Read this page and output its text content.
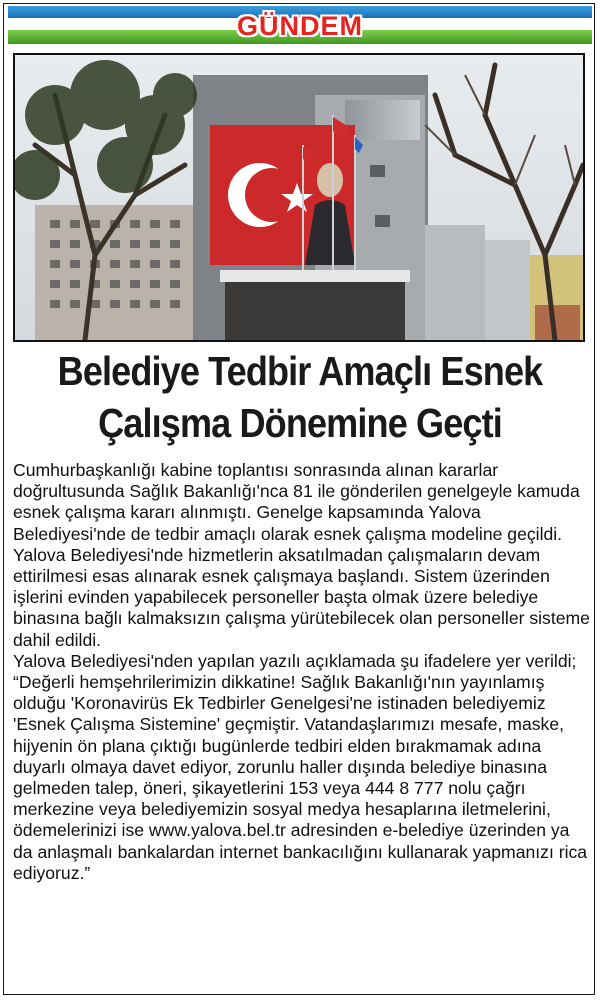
GÜNDEM
Belediye Tedbir Amaçlı Esnek
Çalışma Dönemine Geçti

Cumhurbaşkanlığı kabine toplantısı sonrasında alınan kararlar doğrultusunda Sağlık Bakanlığı'nca 81 ile gönderilen genelgeyle kamuda esnek çalışma kararı alınmıştı. Genelge kapsamında Yalova Belediyesi'nde de tedbir amaçlı olarak esnek çalışma modeline geçildi.

Yalova Belediyesi'nde hizmetlerin aksatılmadan çalışmaların devam ettirilmesi esas alınarak esnek çalışmaya başlandı. Sistem üzerinden işlerini evinden yapabilecek personeller başta olmak üzere belediye binasına bağlı kalmaksızın çalışma yürütebilecek olan personeller sisteme dahil edildi.

Yalova Belediyesi'nden yapılan yazılı açıklamada şu ifadelere yer verildi;

“Değerli hemşehrilerimizin dikkatine! Sağlık Bakanlığı'nın yayınlamış olduğu 'Koronavirüs Ek Tedbirler Genelgesi'ne istinaden belediyemiz 'Esnek Çalışma Sistemine' geçmiştir. Vatandaşlarımızı mesafe, maske, hijyenin ön plana çıktığı bugünlerde tedbiri elden bırakmamak adına duyarlı olmaya davet ediyor, zorunlu haller dışında belediye binasına gelmeden talep, öneri, şikayetlerini 153 veya 444 8 777 nolu çağrı merkezine veya belediyemizin sosyal medya hesaplarına iletmelerini, ödemelerinizi ise www.yalova.bel.tr adresinden e-belediye üzerinden ya da anlaşmalı bankalardan internet bankacılığını kullanarak yapmanızı rica ediyoruz.”
